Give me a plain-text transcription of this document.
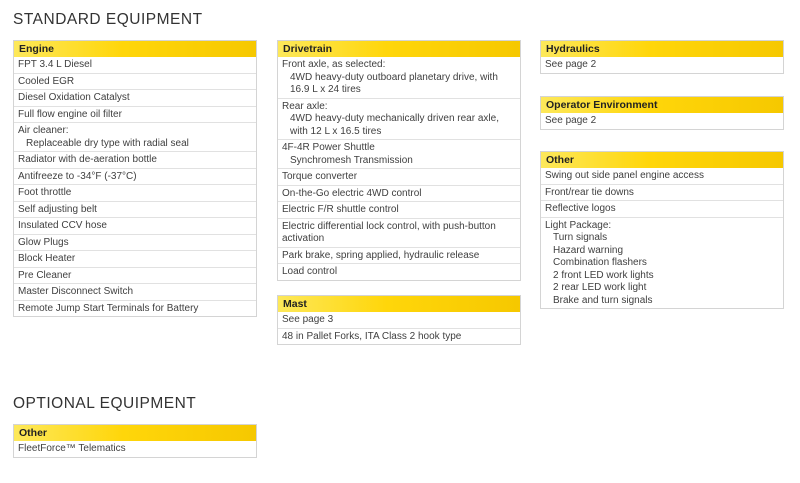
STANDARD EQUIPMENT
Engine
FPT 3.4 L Diesel
Cooled EGR
Diesel Oxidation Catalyst
Full flow engine oil filter
Air cleaner:
Replaceable dry type with radial seal
Radiator with de-aeration bottle
Antifreeze to -34°F (-37°C)
Foot throttle
Self adjusting belt
Insulated CCV hose
Glow Plugs
Block Heater
Pre Cleaner
Master Disconnect Switch
Remote Jump Start Terminals for Battery
Drivetrain
Front axle, as selected:
4WD heavy-duty outboard planetary drive, with
16.9 L x 24 tires
Rear axle:
4WD heavy-duty mechanically driven rear axle,
with 12 L x 16.5 tires
4F-4R Power Shuttle
Synchromesh Transmission
Torque converter
On-the-Go electric 4WD control
Electric F/R shuttle control
Electric differential lock control, with push-button
activation
Park brake, spring applied, hydraulic release
Load control
Mast
See page 3
48 in Pallet Forks, ITA Class 2 hook type
Hydraulics
See page 2
Operator Environment
See page 2
Other
Swing out side panel engine access
Front/rear tie downs
Reflective logos
Light Package:
Turn signals
Hazard warning
Combination flashers
2 front LED work lights
2 rear LED work light
Brake and turn signals
OPTIONAL EQUIPMENT
Other
FleetForce™ Telematics
